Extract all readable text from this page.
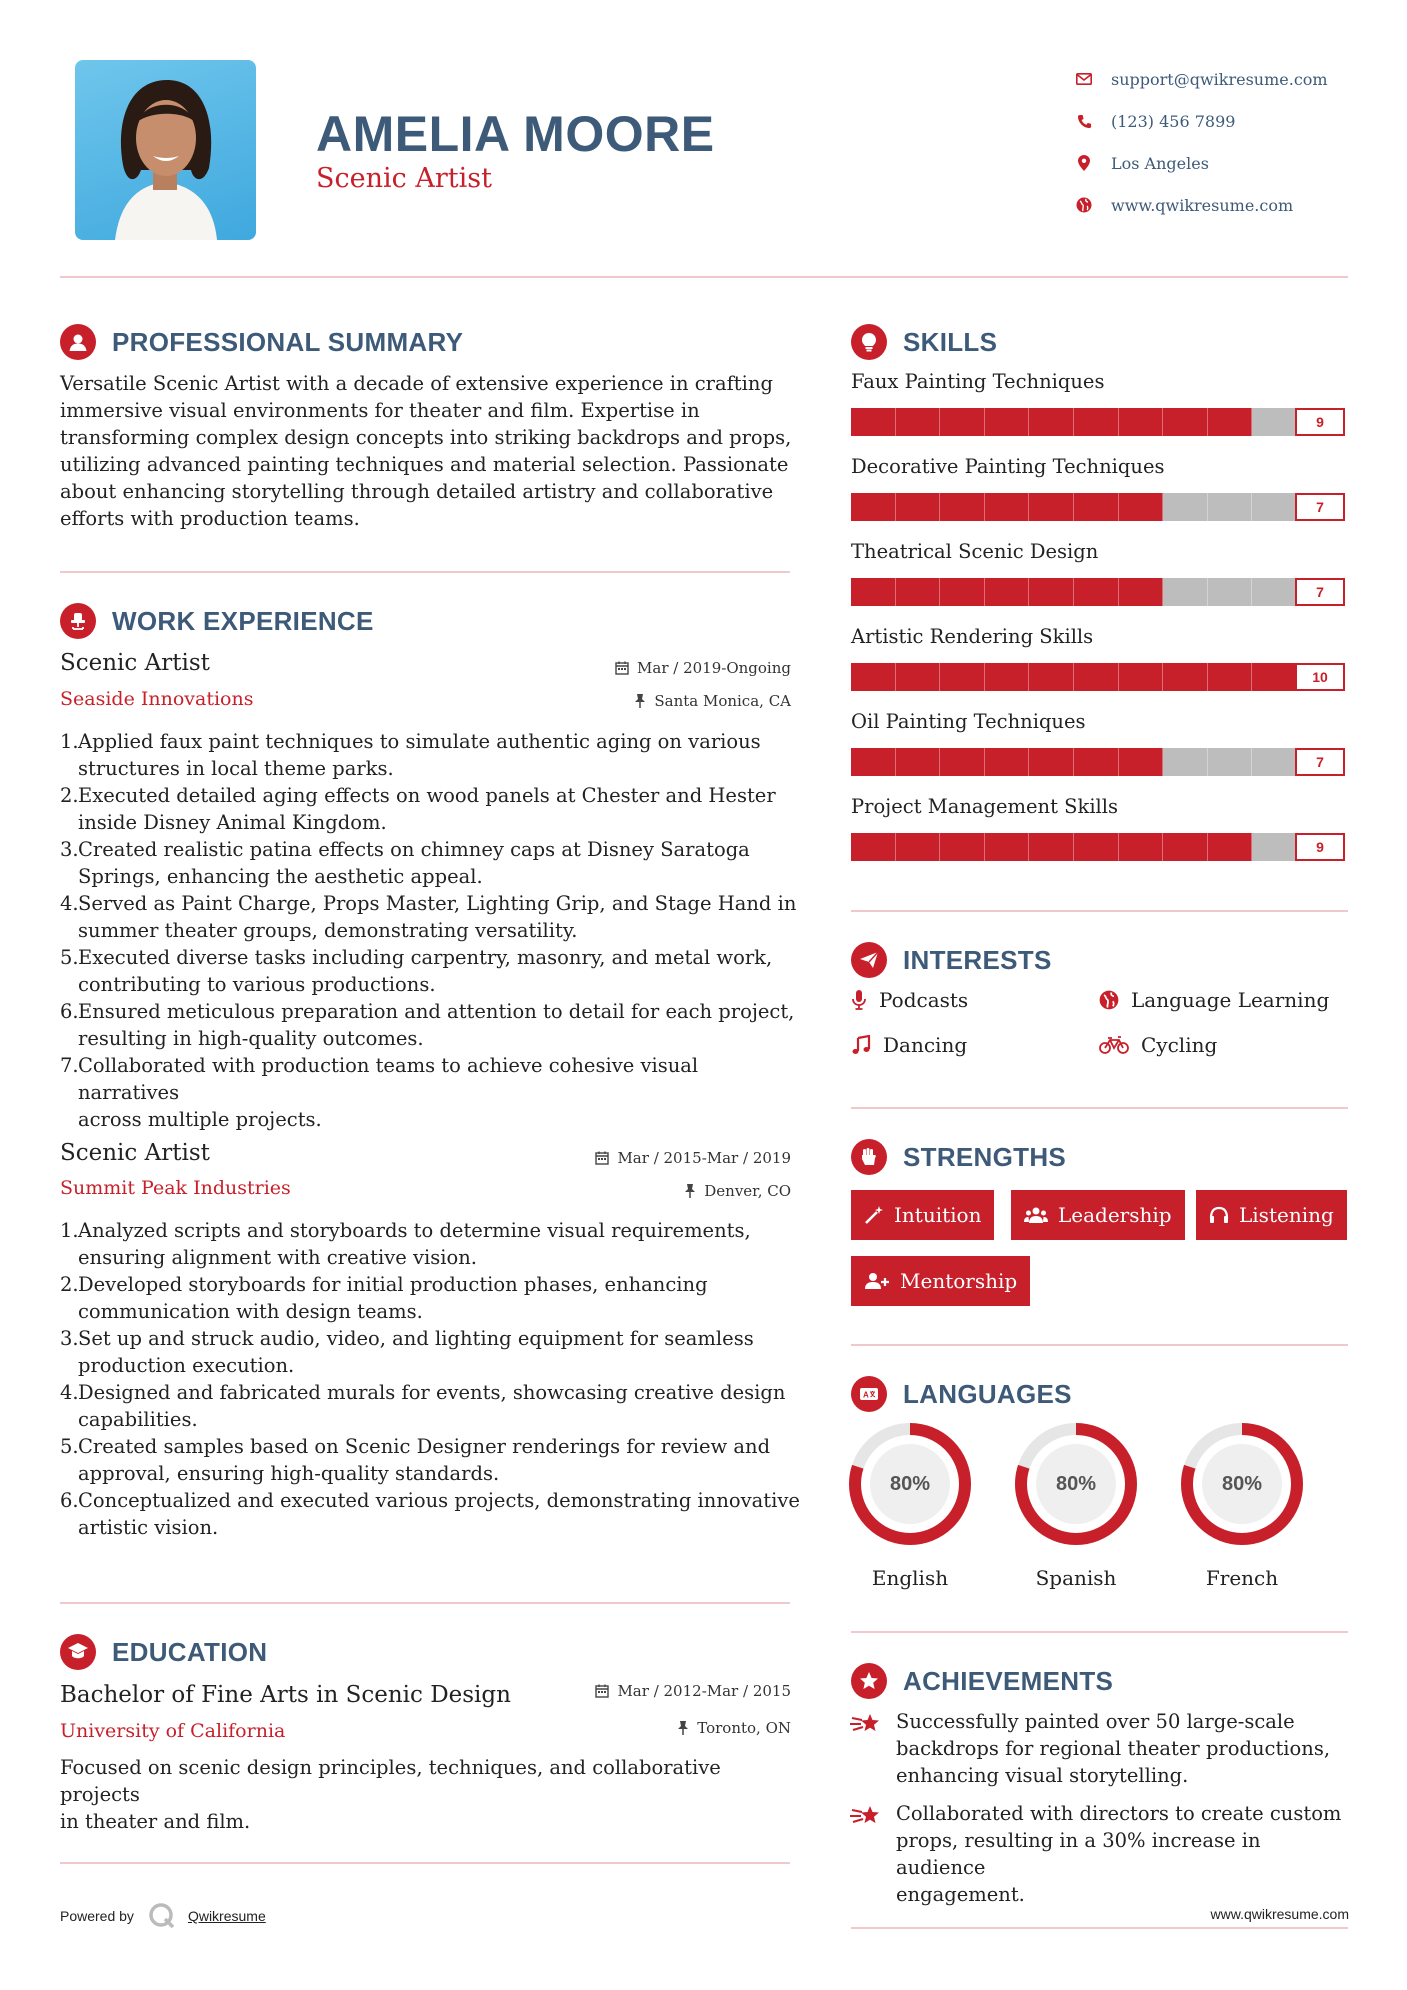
AMELIA MOORE
Scenic Artist
support@qwikresume.com
(123) 456 7899
Los Angeles
www.qwikresume.com
PROFESSIONAL SUMMARY
Versatile Scenic Artist with a decade of extensive experience in crafting
immersive visual environments for theater and film. Expertise in
transforming complex design concepts into striking backdrops and props,
utilizing advanced painting techniques and material selection. Passionate
about enhancing storytelling through detailed artistry and collaborative
efforts with production teams.
WORK EXPERIENCE
Scenic Artist
Seaside Innovations
Mar / 2019-Ongoing
Santa Monica, CA
1. Applied faux paint techniques to simulate authentic aging on various
structures in local theme parks.
2. Executed detailed aging effects on wood panels at Chester and Hester
inside Disney Animal Kingdom.
3. Created realistic patina effects on chimney caps at Disney Saratoga
Springs, enhancing the aesthetic appeal.
4. Served as Paint Charge, Props Master, Lighting Grip, and Stage Hand in
summer theater groups, demonstrating versatility.
5. Executed diverse tasks including carpentry, masonry, and metal work,
contributing to various productions.
6. Ensured meticulous preparation and attention to detail for each project,
resulting in high-quality outcomes.
7. Collaborated with production teams to achieve cohesive visual narratives
across multiple projects.
Scenic Artist
Summit Peak Industries
Mar / 2015-Mar / 2019
Denver, CO
1. Analyzed scripts and storyboards to determine visual requirements,
ensuring alignment with creative vision.
2. Developed storyboards for initial production phases, enhancing
communication with design teams.
3. Set up and struck audio, video, and lighting equipment for seamless
production execution.
4. Designed and fabricated murals for events, showcasing creative design
capabilities.
5. Created samples based on Scenic Designer renderings for review and
approval, ensuring high-quality standards.
6. Conceptualized and executed various projects, demonstrating innovative
artistic vision.
EDUCATION
Bachelor of Fine Arts in Scenic Design
University of California
Mar / 2012-Mar / 2015
Toronto, ON
Focused on scenic design principles, techniques, and collaborative projects
in theater and film.
SKILLS
Faux Painting Techniques
9
Decorative Painting Techniques
7
Theatrical Scenic Design
7
Artistic Rendering Skills
10
Oil Painting Techniques
7
Project Management Skills
9
INTERESTS
Podcasts	Language Learning
Dancing	Cycling
STRENGTHS
Intuition	Leadership	Listening
Mentorship
A LANGUAGES
80%
English
80%
Spanish
80%
French
ACHIEVEMENTS
Successfully painted over 50 large-scale
backdrops for regional theater productions,
enhancing visual storytelling.
Collaborated with directors to create custom
props, resulting in a 30% increase in audience
engagement.
Powered by	Qwikresume	www.qwikresume.com
